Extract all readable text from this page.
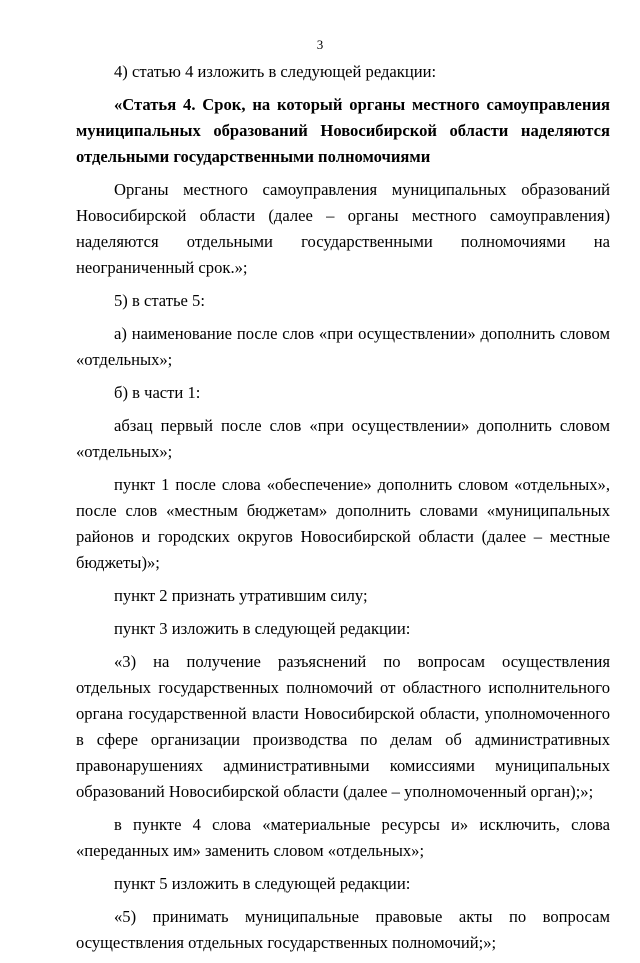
3

4) статью 4 изложить в следующей редакции:

«Статья 4. Срок, на который органы местного самоуправления муниципальных образований Новосибирской области наделяются отдельными государственными полномочиями

Органы местного самоуправления муниципальных образований Новосибирской области (далее – органы местного самоуправления) наделяются отдельными государственными полномочиями на неограниченный срок.»;

5) в статье 5:

а) наименование после слов «при осуществлении» дополнить словом «отдельных»;

б) в части 1:

абзац первый после слов «при осуществлении» дополнить словом «отдельных»;

пункт 1 после слова «обеспечение» дополнить словом «отдельных», после слов «местным бюджетам» дополнить словами «муниципальных районов и городских округов Новосибирской области (далее – местные бюджеты)»;

пункт 2 признать утратившим силу;

пункт 3 изложить в следующей редакции:

«3) на получение разъяснений по вопросам осуществления отдельных государственных полномочий от областного исполнительного органа государственной власти Новосибирской области, уполномоченного в сфере организации производства по делам об административных правонарушениях административными комиссиями муниципальных образований Новосибирской области (далее – уполномоченный орган);»;

в пункте 4 слова «материальные ресурсы и» исключить, слова «переданных им» заменить словом «отдельных»;

пункт 5 изложить в следующей редакции:

«5) принимать муниципальные правовые акты по вопросам осуществления отдельных государственных полномочий;»;
